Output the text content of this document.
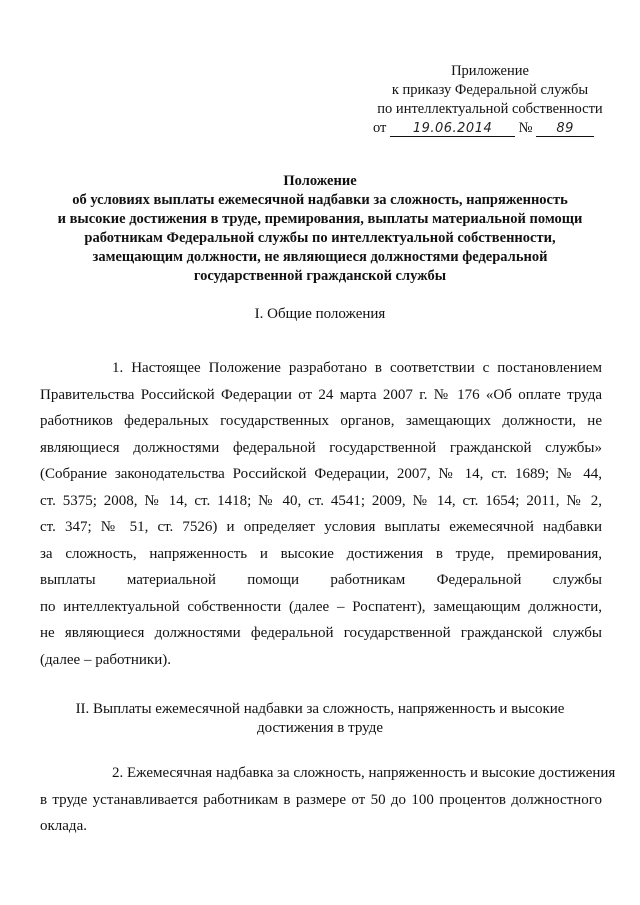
Приложение
к приказу Федеральной службы
по интеллектуальной собственности
от 19.06.2014 № 89
Положение
об условиях выплаты ежемесячной надбавки за сложность, напряженность
и высокие достижения в труде, премирования, выплаты материальной помощи
работникам Федеральной службы по интеллектуальной собственности,
замещающим должности, не являющиеся должностями федеральной
государственной гражданской службы
I. Общие положения
1. Настоящее Положение разработано в соответствии с постановлением
Правительства Российской Федерации от 24 марта 2007 г. № 176 «Об оплате труда
работников федеральных государственных органов, замещающих должности, не
являющиеся должностями федеральной государственной гражданской службы»
(Собрание законодательства Российской Федерации, 2007, № 14, ст. 1689; № 44,
ст. 5375; 2008, № 14, ст. 1418; № 40, ст. 4541; 2009, № 14, ст. 1654; 2011, № 2,
ст. 347; № 51, ст. 7526) и определяет условия выплаты ежемесячной надбавки
за сложность, напряженность и высокие достижения в труде, премирования,
выплаты материальной помощи работникам Федеральной службы
по интеллектуальной собственности (далее – Роспатент), замещающим должности,
не являющиеся должностями федеральной государственной гражданской службы
(далее – работники).
II. Выплаты ежемесячной надбавки за сложность, напряженность и высокие
достижения в труде
2. Ежемесячная надбавка за сложность, напряженность и высокие достижения
в труде устанавливается работникам в размере от 50 до 100 процентов должностного
оклада.
